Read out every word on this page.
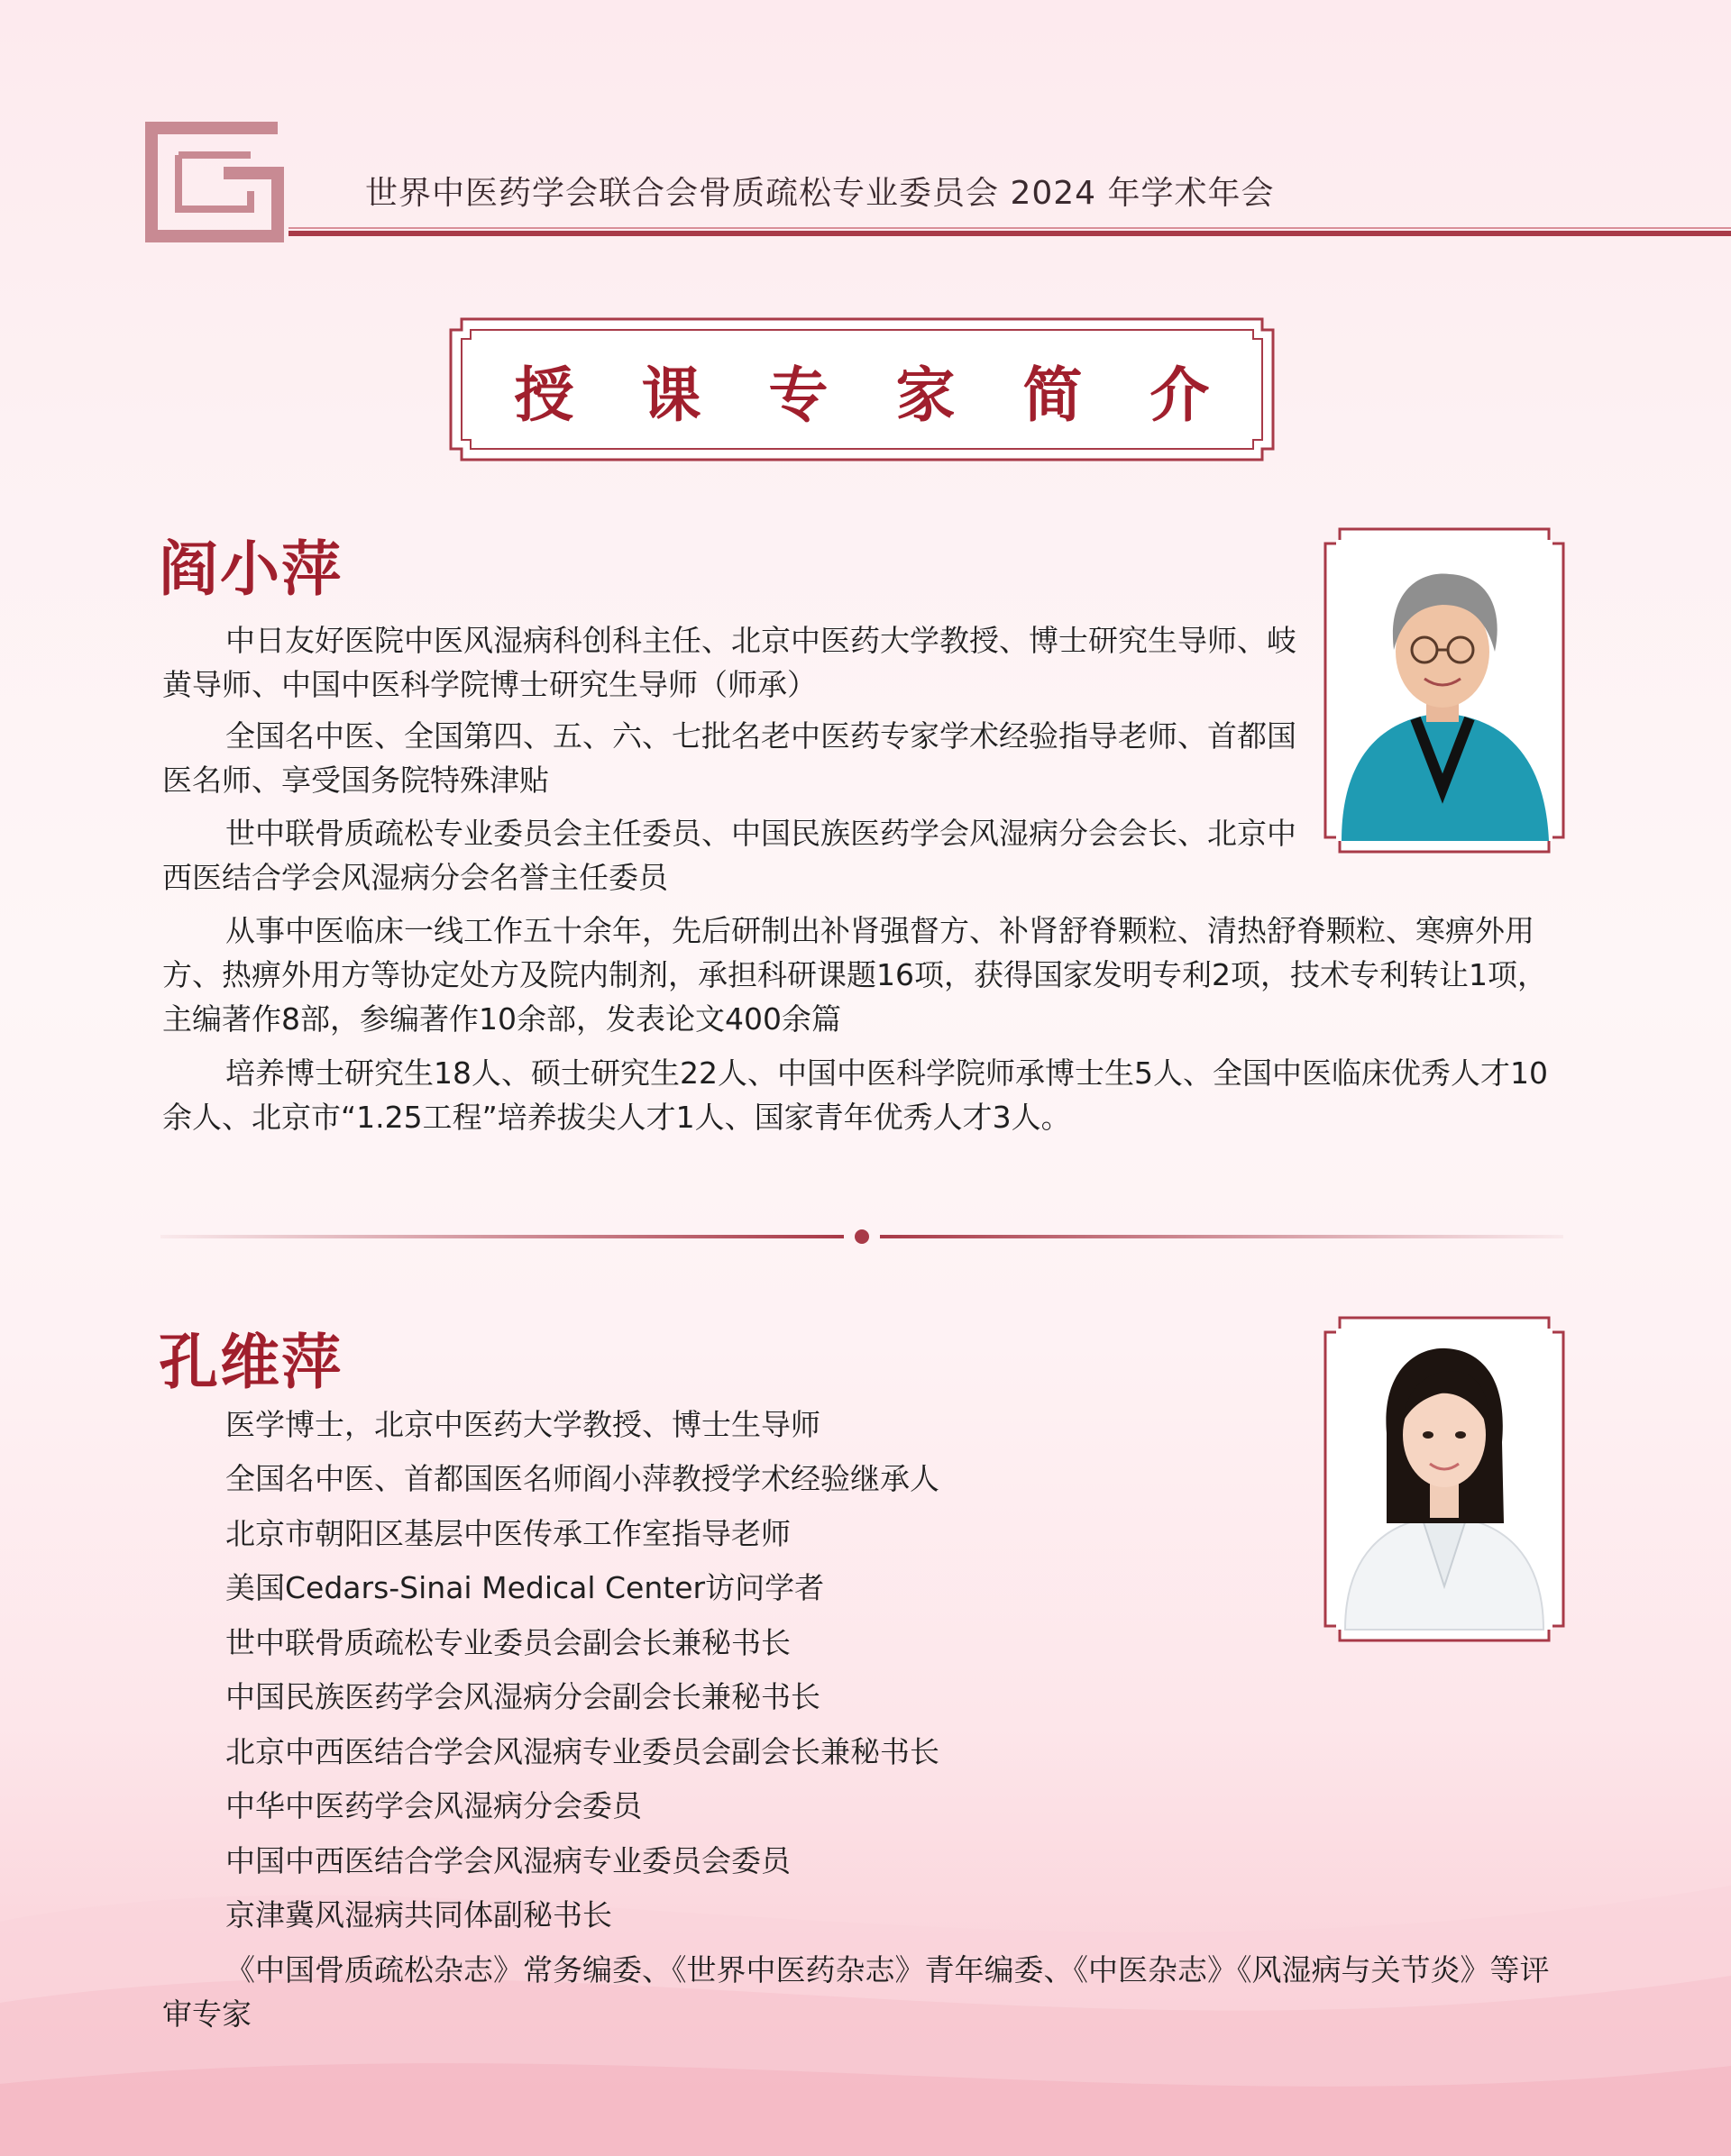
世界中医药学会联合会骨质疏松专业委员会 2024 年学术年会
授 课 专 家 简 介
阎小萍

中日友好医院中医风湿病科创科主任、北京中医药大学教授、博士研究生导师、岐黄导师、中国中医科学院博士研究生导师（师承）

全国名中医、全国第四、五、六、七批名老中医药专家学术经验指导老师、首都国医名师、享受国务院特殊津贴

世中联骨质疏松专业委员会主任委员、中国民族医药学会风湿病分会会长、北京中西医结合学会风湿病分会名誉主任委员

从事中医临床一线工作五十余年，先后研制出补肾强督方、补肾舒脊颗粒、清热舒脊颗粒、寒痹外用方、热痹外用方等协定处方及院内制剂，承担科研课题16项，获得国家发明专利2项，技术专利转让1项，主编著作8部，参编著作10余部，发表论文400余篇

培养博士研究生18人、硕士研究生22人、中国中医科学院师承博士生5人、全国中医临床优秀人才10余人、北京市“1.25工程”培养拔尖人才1人、国家青年优秀人才3人。

孔维萍

医学博士，北京中医药大学教授、博士生导师

全国名中医、首都国医名师阎小萍教授学术经验继承人

北京市朝阳区基层中医传承工作室指导老师

美国Cedars-Sinai Medical Center访问学者

世中联骨质疏松专业委员会副会长兼秘书长

中国民族医药学会风湿病分会副会长兼秘书长

北京中西医结合学会风湿病专业委员会副会长兼秘书长

中华中医药学会风湿病分会委员

中国中西医结合学会风湿病专业委员会委员

京津冀风湿病共同体副秘书长

《中国骨质疏松杂志》常务编委、《世界中医药杂志》青年编委、《中医杂志》《风湿病与关节炎》等评审专家
